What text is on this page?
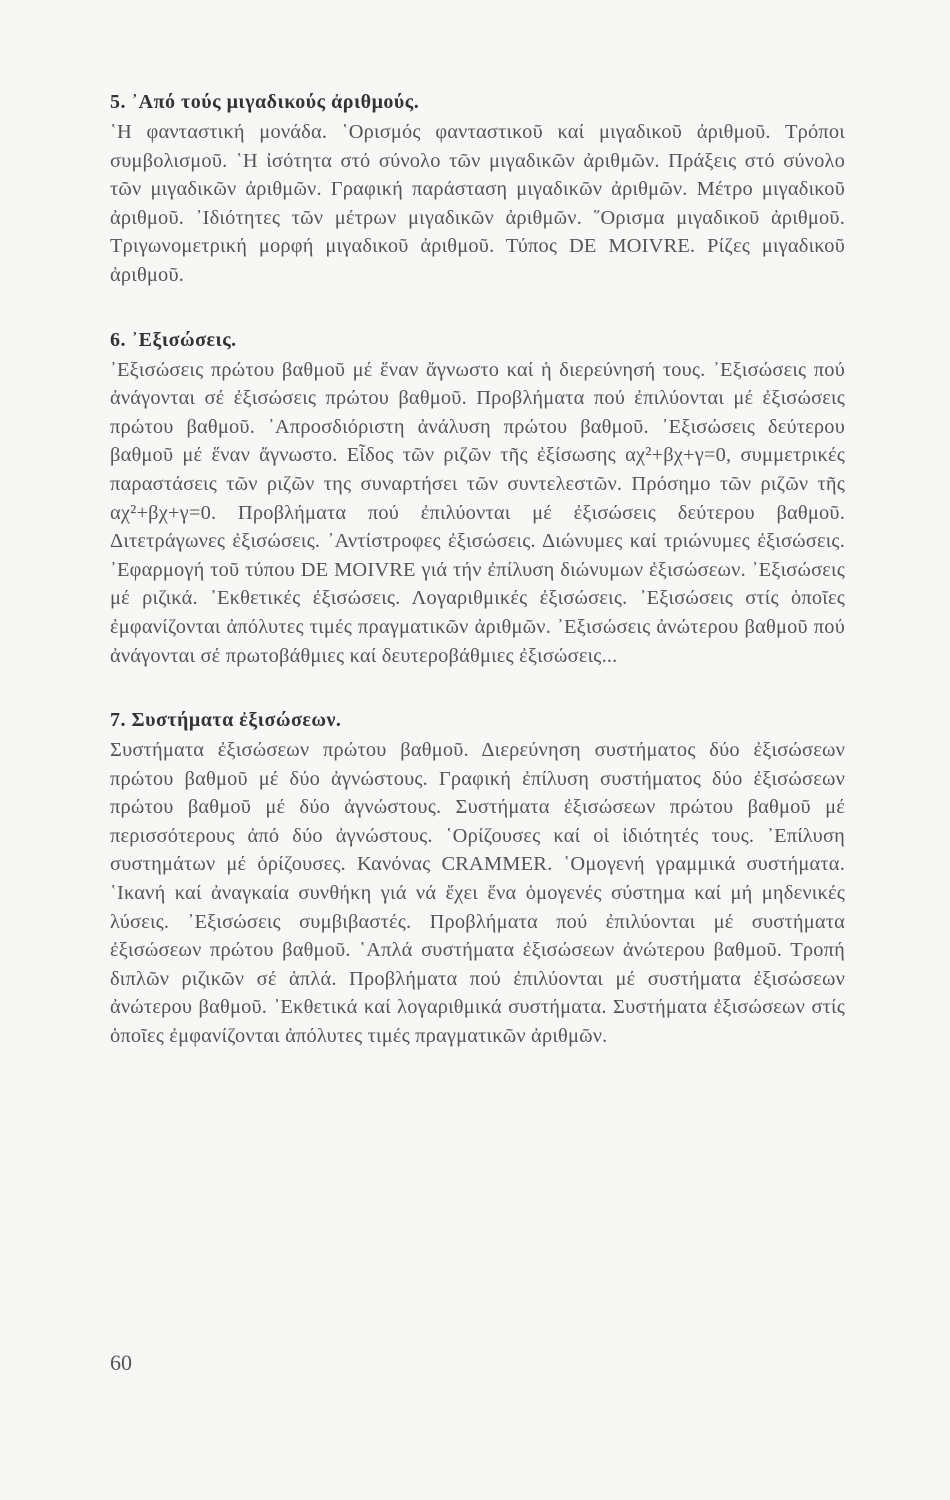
5. ᾿Από τούς μιγαδικούς ἀριθμούς.

῾Η φανταστική μονάδα. ῾Ορισμός φανταστικοῦ καί μιγαδικοῦ ἀριθμοῦ. Τρόποι συμβολισμοῦ. ῾Η ἰσότητα στό σύνολο τῶν μιγαδικῶν ἀριθμῶν. Πράξεις στό σύνολο τῶν μιγαδικῶν ἀριθμῶν. Γραφική παράσταση μιγαδικῶν ἀριθμῶν. Μέτρο μιγαδικοῦ ἀριθμοῦ. ᾿Ιδιότητες τῶν μέτρων μιγαδικῶν ἀριθμῶν. ῞Ορισμα μιγαδικοῦ ἀριθμοῦ. Τριγωνομετρική μορφή μιγαδικοῦ ἀριθμοῦ. Τύπος DE MOIVRE. Ρίζες μιγαδικοῦ ἀριθμοῦ.

6. ᾿Εξισώσεις.

᾿Εξισώσεις πρώτου βαθμοῦ μέ ἕναν ἄγνωστο καί ἡ διερεύνησή τους. ᾿Εξισώσεις πού ἀνάγονται σέ ἐξισώσεις πρώτου βαθμοῦ. Προβλήματα πού ἐπιλύονται μέ ἐξισώσεις πρώτου βαθμοῦ. ᾿Απροσδιόριστη ἀνάλυση πρώτου βαθμοῦ. ᾿Εξισώσεις δεύτερου βαθμοῦ μέ ἕναν ἄγνωστο. Εἶδος τῶν ριζῶν τῆς ἐξίσωσης αχ²+βχ+γ=0, συμμετρικές παραστάσεις τῶν ριζῶν της συναρτήσει τῶν συντελεστῶν. Πρόσημο τῶν ριζῶν τῆς αχ²+βχ+γ=0. Προβλήματα πού ἐπιλύονται μέ ἐξισώσεις δεύτερου βαθμοῦ. Διτετράγωνες ἐξισώσεις. ᾿Αντίστροφες ἐξισώσεις. Διώνυμες καί τριώνυμες ἐξισώσεις. ᾿Εφαρμογή τοῦ τύπου DE MOIVRE γιά τήν ἐπίλυση διώνυμων ἐξισώσεων. ᾿Εξισώσεις μέ ριζικά. ᾿Εκθετικές ἐξισώσεις. Λογαριθμικές ἐξισώσεις. ᾿Εξισώσεις στίς ὁποῖες ἐμφανίζονται ἀπόλυτες τιμές πραγματικῶν ἀριθμῶν. ᾿Εξισώσεις ἀνώτερου βαθμοῦ πού ἀνάγονται σέ πρωτοβάθμιες καί δευτεροβάθμιες ἐξισώσεις...

7. Συστήματα ἐξισώσεων.

Συστήματα ἐξισώσεων πρώτου βαθμοῦ. Διερεύνηση συστήματος δύο ἐξισώσεων πρώτου βαθμοῦ μέ δύο ἀγνώστους. Γραφική ἐπίλυση συστήματος δύο ἐξισώσεων πρώτου βαθμοῦ μέ δύο ἀγνώστους. Συστήματα ἐξισώσεων πρώτου βαθμοῦ μέ περισσότερους ἀπό δύο ἀγνώστους. ῾Ορίζουσες καί οἱ ἰδιότητές τους. ᾿Επίλυση συστημάτων μέ ὁρίζουσες. Κανόνας CRAMMER. ῾Ομογενή γραμμικά συστήματα. ῾Ικανή καί ἀναγκαία συνθήκη γιά νά ἔχει ἕνα ὁμογενές σύστημα καί μή μηδενικές λύσεις. ᾿Εξισώσεις συμβιβαστές. Προβλήματα πού ἐπιλύονται μέ συστήματα ἐξισώσεων πρώτου βαθμοῦ. ῾Απλά συστήματα ἐξισώσεων ἀνώτερου βαθμοῦ. Τροπή διπλῶν ριζικῶν σέ ἁπλά. Προβλήματα πού ἐπιλύονται μέ συστήματα ἐξισώσεων ἀνώτερου βαθμοῦ. ᾿Εκθετικά καί λογαριθμικά συστήματα. Συστήματα ἐξισώσεων στίς ὁποῖες ἐμφανίζονται ἀπόλυτες τιμές πραγματικῶν ἀριθμῶν.

60
